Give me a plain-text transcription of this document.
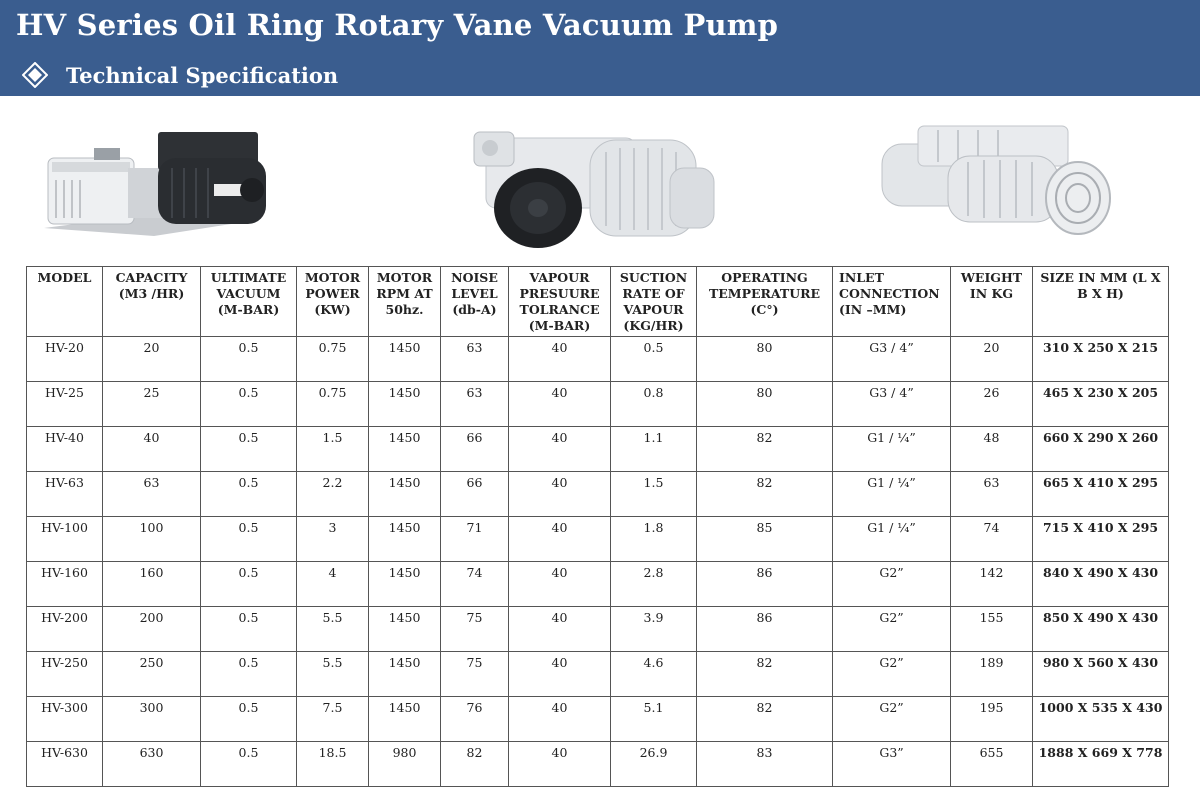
HV Series Oil Ring Rotary Vane Vacuum Pump
Technical Specification
MODEL	CAPACITY (M3 /HR)	ULTIMATE VACUUM (M-BAR)	MOTOR POWER (KW)	MOTOR RPM AT 50hz.	NOISE LEVEL (db-A)	VAPOUR PRESUURE TOLRANCE (M-BAR)	SUCTION RATE OF VAPOUR (KG/HR)	OPERATING TEMPERATURE (C°)	INLET CONNECTION (IN –MM)	WEIGHT IN KG	SIZE IN MM (L X B X H)
HV-20	20	0.5	0.75	1450	63	40	0.5	80	G3 / 4”	20	310 X 250 X 215
HV-25	25	0.5	0.75	1450	63	40	0.8	80	G3 / 4”	26	465 X 230 X 205
HV-40	40	0.5	1.5	1450	66	40	1.1	82	G1 / ¼”	48	660 X 290 X 260
HV-63	63	0.5	2.2	1450	66	40	1.5	82	G1 / ¼”	63	665 X 410 X 295
HV-100	100	0.5	3	1450	71	40	1.8	85	G1 / ¼”	74	715 X 410 X 295
HV-160	160	0.5	4	1450	74	40	2.8	86	G2”	142	840 X 490 X 430
HV-200	200	0.5	5.5	1450	75	40	3.9	86	G2”	155	850 X 490 X 430
HV-250	250	0.5	5.5	1450	75	40	4.6	82	G2”	189	980 X 560 X 430
HV-300	300	0.5	7.5	1450	76	40	5.1	82	G2”	195	1000 X 535 X 430
HV-630	630	0.5	18.5	980	82	40	26.9	83	G3”	655	1888 X 669 X 778
